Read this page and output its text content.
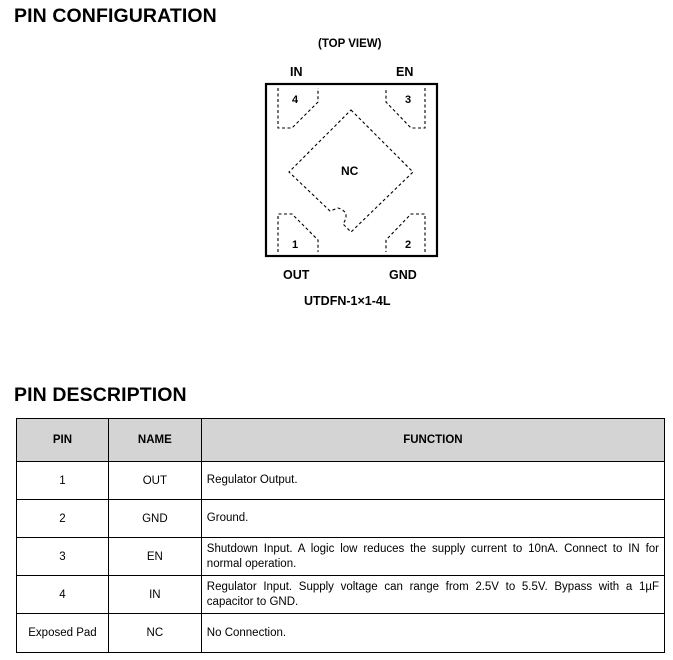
PIN CONFIGURATION
(TOP VIEW)
IN	EN
4	3
NC
1	2
OUT	GND
UTDFN-1×1-4L
PIN DESCRIPTION
PIN	NAME	FUNCTION
1	OUT	Regulator Output.
2	GND	Ground.
3	EN	Shutdown Input. A logic low reduces the supply current to 10nA. Connect to IN for normal operation.
4	IN	Regulator Input. Supply voltage can range from 2.5V to 5.5V. Bypass with a 1µF capacitor to GND.
Exposed Pad	NC	No Connection.
